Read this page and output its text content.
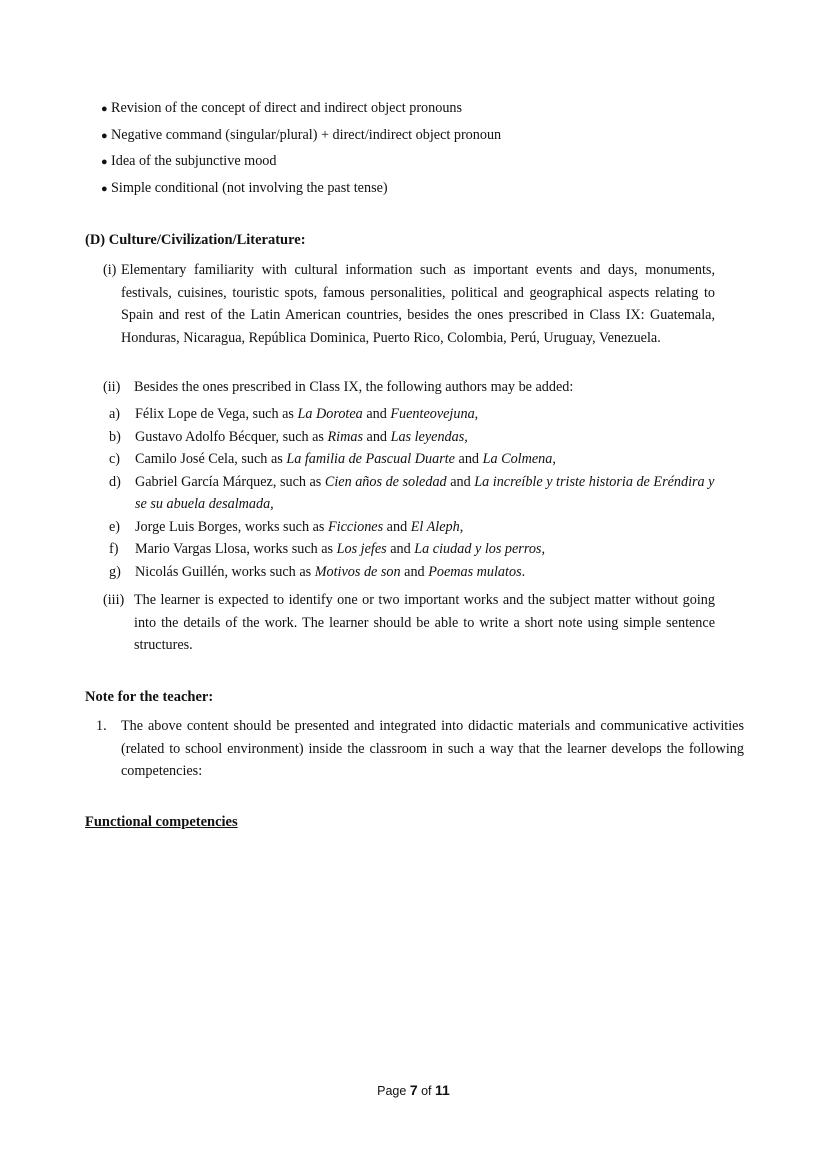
● Revision of the concept of direct and indirect object pronouns
● Negative command (singular/plural) + direct/indirect object pronoun
● Idea of the subjunctive mood
● Simple conditional (not involving the past tense)
(D) Culture/Civilization/Literature:
(i) Elementary familiarity with cultural information such as important events and days, monuments, festivals, cuisines, touristic spots, famous personalities, political and geographical aspects relating to Spain and rest of the Latin American countries, besides the ones prescribed in Class IX: Guatemala, Honduras, Nicaragua, República Dominica, Puerto Rico, Colombia, Perú, Uruguay, Venezuela.
(ii) Besides the ones prescribed in Class IX, the following authors may be added:
a)	Félix Lope de Vega, such as La Dorotea and Fuenteovejuna,
b) Gustavo Adolfo Bécquer, such as Rimas and Las leyendas,
c)	Camilo José Cela, such as La familia de Pascual Duarte and La Colmena,
d) Gabriel García Márquez, such as Cien años de soledad and La increíble y triste historia de Eréndira y se su abuela desalmada,
e)	Jorge Luis Borges, works such as Ficciones and El Aleph,
f)	Mario Vargas Llosa, works such as Los jefes and La ciudad y los perros,
g) Nicolás Guillén, works such as Motivos de son and Poemas mulatos.
(iii) The learner is expected to identify one or two important works and the subject matter without going into the details of the work. The learner should be able to write a short note using simple sentence structures.
Note for the teacher:
1.	The above content should be presented and integrated into didactic materials and communicative activities (related to school environment) inside the classroom in such a way that the learner develops the following competencies:
Functional competencies
Page 7 of 11
